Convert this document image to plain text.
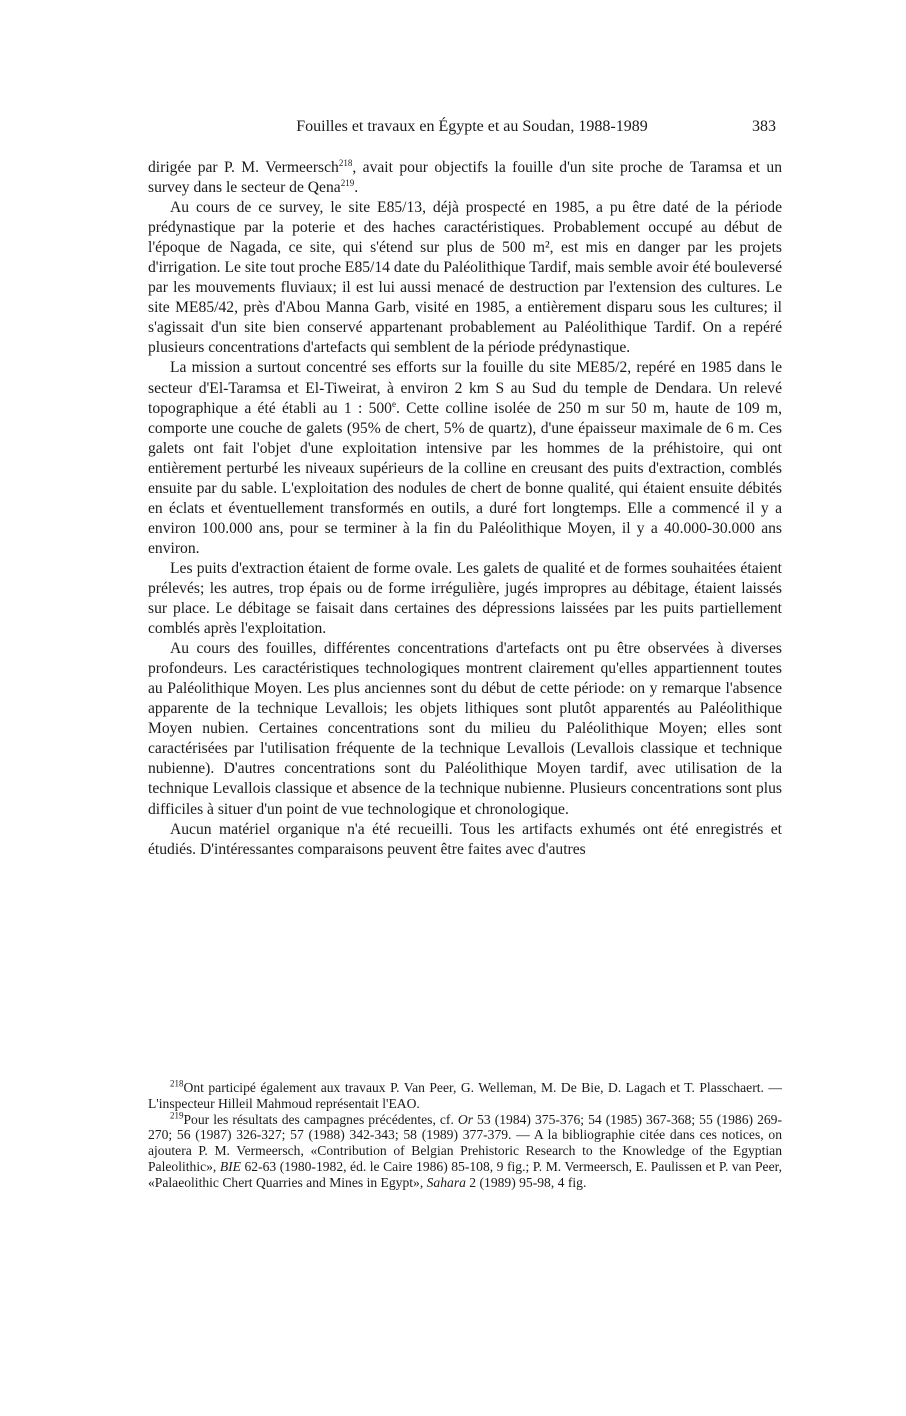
Fouilles et travaux en Égypte et au Soudan, 1988-1989	383

dirigée par P. M. Vermeersch$^{218}$, avait pour objectifs la fouille d'un site proche de Taramsa et un survey dans le secteur de Qena$^{219}$.

Au cours de ce survey, le site E85/13, déjà prospecté en 1985, a pu être daté de la période prédynastique par la poterie et des haches caractéristiques. Probablement occupé au début de l'époque de Nagada, ce site, qui s'étend sur plus de 500 m², est mis en danger par les projets d'irrigation. Le site tout proche E85/14 date du Paléolithique Tardif, mais semble avoir été bouleversé par les mouvements fluviaux; il est lui aussi menacé de destruction par l'extension des cultures. Le site ME85/42, près d'Abou Manna Garb, visité en 1985, a entièrement disparu sous les cultures; il s'agissait d'un site bien conservé appartenant probablement au Paléolithique Tardif. On a repéré plusieurs concentrations d'artefacts qui semblent de la période prédynastique.

La mission a surtout concentré ses efforts sur la fouille du site ME85/2, repéré en 1985 dans le secteur d'El-Taramsa et El-Tiweirat, à environ 2 km S au Sud du temple de Dendara. Un relevé topographique a été établi au 1 : 500e. Cette colline isolée de 250 m sur 50 m, haute de 109 m, comporte une couche de galets (95% de chert, 5% de quartz), d'une épaisseur maximale de 6 m. Ces galets ont fait l'objet d'une exploitation intensive par les hommes de la préhistoire, qui ont entièrement perturbé les niveaux supérieurs de la colline en creusant des puits d'extraction, comblés ensuite par du sable. L'exploitation des nodules de chert de bonne qualité, qui étaient ensuite débités en éclats et éventuellement transformés en outils, a duré fort longtemps. Elle a commencé il y a environ 100.000 ans, pour se terminer à la fin du Paléolithique Moyen, il y a 40.000-30.000 ans environ.

Les puits d'extraction étaient de forme ovale. Les galets de qualité et de formes souhaitées étaient prélevés; les autres, trop épais ou de forme irrégulière, jugés impropres au débitage, étaient laissés sur place. Le débitage se faisait dans certaines des dépressions laissées par les puits partiellement comblés après l'exploitation.

Au cours des fouilles, différentes concentrations d'artefacts ont pu être observées à diverses profondeurs. Les caractéristiques technologiques montrent clairement qu'elles appartiennent toutes au Paléolithique Moyen. Les plus anciennes sont du début de cette période: on y remarque l'absence apparente de la technique Levallois; les objets lithiques sont plutôt apparentés au Paléolithique Moyen nubien. Certaines concentrations sont du milieu du Paléolithique Moyen; elles sont caractérisées par l'utilisation fréquente de la technique Levallois (Levallois classique et technique nubienne). D'autres concentrations sont du Paléolithique Moyen tardif, avec utilisation de la technique Levallois classique et absence de la technique nubienne. Plusieurs concentrations sont plus difficiles à situer d'un point de vue technologique et chronologique.

Aucun matériel organique n'a été recueilli. Tous les artifacts exhumés ont été enregistrés et étudiés. D'intéressantes comparaisons peuvent être faites avec d'autres

$^{218}$Ont participé également aux travaux P. Van Peer, G. Welleman, M. De Bie, D. Lagach et T. Plasschaert. — L'inspecteur Hilleil Mahmoud représentait l'EAO.

$^{219}$Pour les résultats des campagnes précédentes, cf. Or 53 (1984) 375-376; 54 (1985) 367-368; 55 (1986) 269-270; 56 (1987) 326-327; 57 (1988) 342-343; 58 (1989) 377-379. — A la bibliographie citée dans ces notices, on ajoutera P. M. Vermeersch, «Contribution of Belgian Prehistoric Research to the Knowledge of the Egyptian Paleolithic», BIE 62-63 (1980-1982, éd. le Caire 1986) 85-108, 9 fig.; P. M. Vermeersch, E. Paulissen et P. van Peer, «Palaeolithic Chert Quarries and Mines in Egypt», Sahara 2 (1989) 95-98, 4 fig.
